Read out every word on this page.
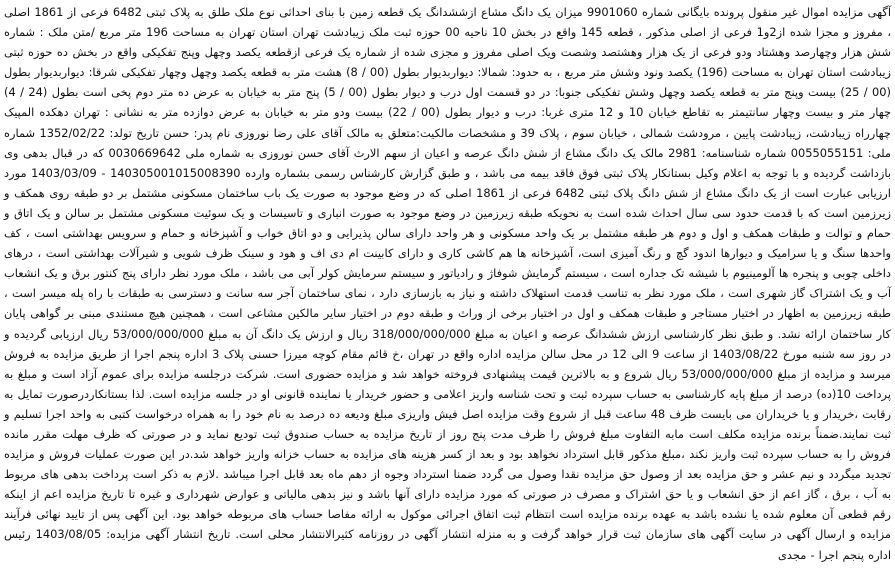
آگهی مزایده اموال غیر منقول پرونده بایگانی شماره 9901060 میزان یک دانگ مشاع ازششدانگ یک قطعه زمین با بنای احداثی نوع ملک طلق به پلاک ثبتی 6482 فرعی از 1861 اصلی ، مفروز و مجزا شده از2و1 فرعی از اصلی مذکور ، قطعه 145 واقع در بخش 10 ناحیه 00 حوزه ثبت ملک زیبادشت تهران استان تهران به مساحت 196 متر مربع /متن ملک : شماره شش هزار وچهارصد وهشتاد ودو فرعی از یک هزار وهشتصد وشصت ویک اصلی مفروز و مجزی شده از شماره یک فرعی ازقطعه یکصد وچهل وپنج تفکیکی واقع در بخش ده حوزه ثبتی زیبادشت استان تهران به مساحت (196) یکصد ونود وشش متر مربع ، به حدود: شمالا: دیواربدیوار بطول (00 / 8) هشت متر به قطعه یکصد وچهل وچهار تفکیکی شرقا: دیواربدیوار بطول (00 / 25) بیست وپنج متر به قطعه یکصد وچهل وشش تفکیکی جنوبا: در دو قسمت اول درب و دیوار بطول (00 / 5) پنج متر به خیابان به عرض ده متر دوم پخی است بطول (24 / 4) چهار متر و بیست وچهار سانتیمتر به تقاطع خیابان 10 و 12 متری غربا: درب و دیوار بطول (00 / 22) بیست ودو متر به خیابان به عرض دوازده متر به نشانی : تهران دهکده المپیک چهارراه زیبادشت، زیبادشت پایین ، مرودشت شمالی ، خیابان سوم ، پلاک 39 و مشخصات مالکیت:متعلق به مالک آقای علی رضا نوروزی نام پدر: حسن تاریخ تولد: 1352/02/22 شماره ملی: 0055055151 شماره شناسنامه: 2981 مالک یک دانگ مشاع از شش دانگ عرصه و اعیان از سهم الارث آقای حسن نوروزی به شماره ملی 0030669642 که در قبال بدهی وی بازداشت گردیده و با توجه به اعلام وکیل بستانکار پلاک ثبتی فوق فاقد بیمه می باشد ، و طبق گزارش کارشناس رسمی بشماره وارده 140305001015008390 - 1403/03/09 مورد ارزیابی عبارت است از یک دانگ مشاع از شش دانگ پلاک ثبتی 6482 فرعی از 1861 اصلی که در وضع موجود به صورت یک باب ساختمان مسکونی مشتمل بر دو طبقه روی همکف و زیرزمین است که با قدمت حدود سی سال احداث شده است به نحویکه طبقه زیرزمین در وضع موجود به صورت انباری و تاسیسات و یک سوئیت مسکونی مشتمل بر سالن و یک اتاق و حمام و توالت و طبقات همکف و اول و دوم هر طبقه مشتمل بر یک واحد مسکونی و هر واحد دارای سالن پذیرایی و دو اتاق خواب و آشپزخانه و حمام و سرویس بهداشتی است ، کف واحدها سنگ و یا سرامیک و دیوارها اندود گچ و رنگ آمیزی است، آشپزخانه ها هم کاشی کاری و دارای کابینت ام دی اف و هود و سینک ظرف شویی و شیرآلات بهداشتی است ، درهای داخلی چوبی و پنجره ها آلومینیوم با شیشه تک جداره است ، سیستم گرمایش شوفاژ و رادیاتور و سیستم سرمایش کولر آبی می باشد ، ملک مورد نظر دارای پنج کنتور برق و یک انشعاب آب و یک اشتراک گاز شهری است ، ملک مورد نظر به تناسب قدمت استهلاک داشته و نیاز به بازسازی دارد ، نمای ساختمان آجر سه سانت و دسترسی به طبقات با راه پله میسر است ، طبقه زیرزمین به اظهار در اختیار مستاجر و طبقات همکف و اول در اختیار برخی از وراث و طبقه دوم در اختیار سایر مالکین مشاعی است ، همچنین هیچ مستندی مبنی بر گواهی پایان کار ساختمان ارائه نشد. و طبق نظر کارشناسی ارزش ششدانگ عرصه و اعیان به مبلغ 318/000/000/000 ریال و ارزش یک دانگ آن به مبلغ 53/000/000/000 ریال ارزیابی گردیده و در روز سه شنبه مورخ 1403/08/22 از ساعت 9 الی 12 در محل سالن مزایده اداره واقع در تهران ،خ قائم مقام کوچه میرزا حسنی پلاک 3 اداره پنجم اجرا از طریق مزایده به فروش میرسد و مزایده از مبلغ 53/000/000/000 ریال شروع و به بالاترین قیمت پیشنهادی فروخته خواهد شد و مزایده حضوری است. شرکت درجلسه مزایده برای عموم آزاد است و مبلغ به پرداخت 10(ده) درصد از مبلغ پایه کارشناسی به حساب سپرده ثبت و تحت شناسه واریز اعلامی و حضور خریدار یا نماینده قانونی او در جلسه مزایده است. لذا بستانکاردرصورت تمایل به رقابت ،خریدار و یا خریداران می بایست ظرف 48 ساعت قبل از شروع وقت مزایده اصل فیش واریزی مبلغ ودیعه ده درصد به نام خود را به همراه درخواست کتبی به واحد اجرا تسلیم و ثبت نمایند.ضمناً برنده مزایده مکلف است مابه التفاوت مبلغ فروش را ظرف مدت پنج روز از تاریخ مزایده به حساب صندوق ثبت تودیع نماید و در صورتی که ظرف مهلت مقرر مانده فروش را به حساب سپرده ثبت واریز نکند ،مبلغ مذکور قابل استرداد نخواهد بود و بعد از کسر هزینه های مزایده به حساب خزانه واریز خواهد شد.در این صورت عملیات فروش و مزایده تجدید میگردد و نیم عشر و حق مزایده بعد از وصول حق مزایده نقدا وصول می گردد ضمنا استرداد وجوه از دهم ماه بعد قابل اجرا میباشد .لازم به ذکر است پرداخت بدهی های مربوط به آب ، برق ، گاز اعم از حق انشعاب و یا حق اشتراک و مصرف در صورتی که مورد مزایده دارای آنها باشد و نیز بدهی مالیاتی و عوارض شهرداری و غیره تا تاریخ مزایده اعم از اینکه رقم قطعی آن معلوم شده یا نشده باشد به عهده برنده مزایده است انتظام ثبت اتفاق اجرائی موکول به ارائه مفاصا حساب های مربوطه خواهد بود. این آگهی پس از تایید نهائی فرآیند مزایده و ارسال آگهی در سایت آگهی های سازمان ثبت قرار خواهد گرفت و به منزله انتشار آگهی در روزنامه کثیرالانتشار محلی است. تاریخ انتشار آگهی مزایده: 1403/08/05 رئیس اداره پنجم اجرا - مجدی
